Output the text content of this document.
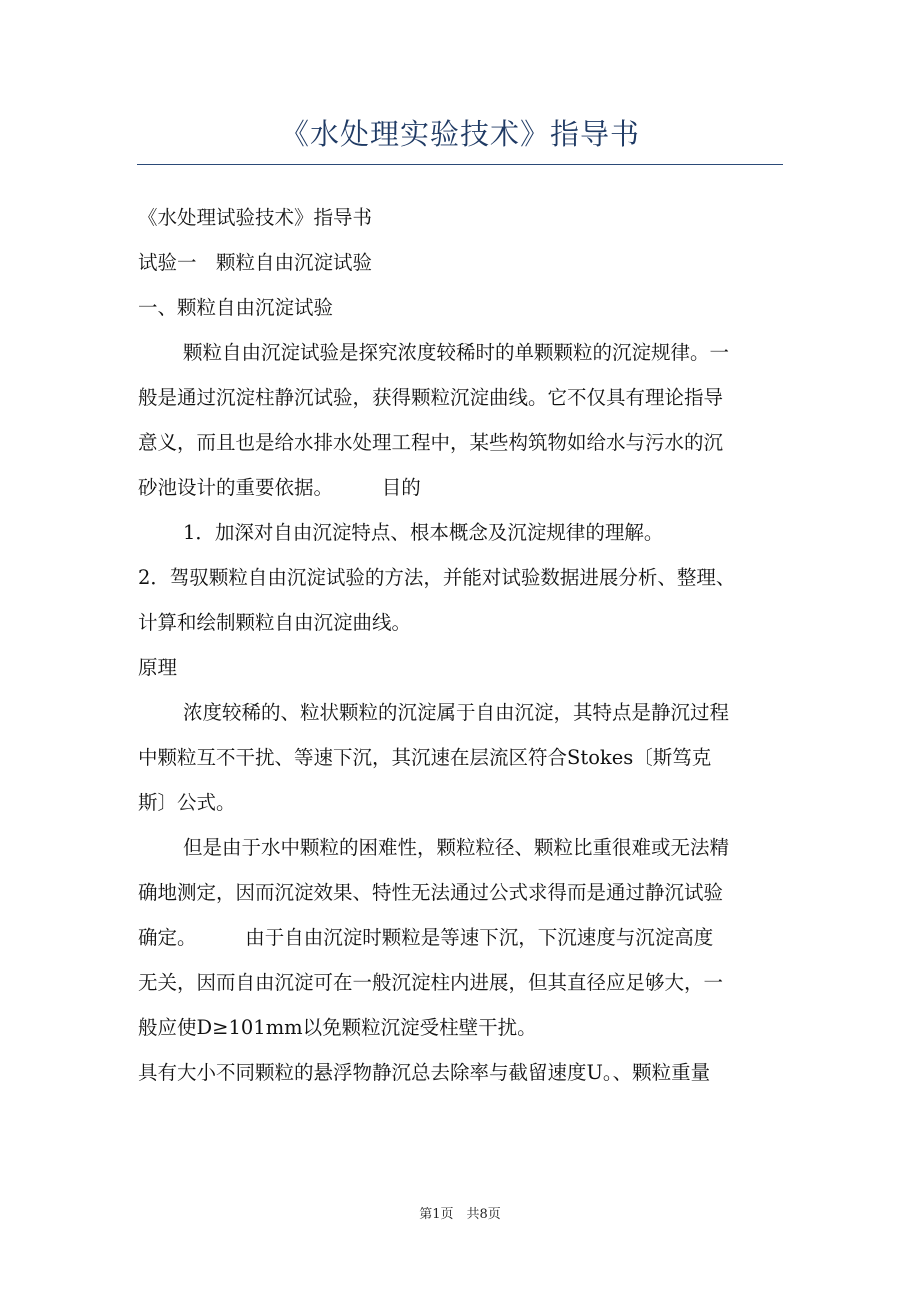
《水处理实验技术》指导书
《水处理试验技术》指导书
试验一　颗粒自由沉淀试验
一、颗粒自由沉淀试验
颗粒自由沉淀试验是探究浓度较稀时的单颗颗粒的沉淀规律。一
般是通过沉淀柱静沉试验，获得颗粒沉淀曲线。它不仅具有理论指导
意义，而且也是给水排水处理工程中，某些构筑物如给水与污水的沉
砂池设计的重要依据。　　　目的
1．加深对自由沉淀特点、根本概念及沉淀规律的理解。
2．驾驭颗粒自由沉淀试验的方法，并能对试验数据进展分析、整理、
计算和绘制颗粒自由沉淀曲线。
原理
浓度较稀的、粒状颗粒的沉淀属于自由沉淀，其特点是静沉过程
中颗粒互不干扰、等速下沉，其沉速在层流区符合Stokes〔斯笃克
斯〕公式。
但是由于水中颗粒的困难性，颗粒粒径、颗粒比重很难或无法精
确地测定，因而沉淀效果、特性无法通过公式求得而是通过静沉试验
确定。　　　由于自由沉淀时颗粒是等速下沉，下沉速度与沉淀高度
无关，因而自由沉淀可在一般沉淀柱内进展，但其直径应足够大，一
般应使D≥101mm以免颗粒沉淀受柱壁干扰。
具有大小不同颗粒的悬浮物静沉总去除率与截留速度U。、颗粒重量
第1页　共8页
